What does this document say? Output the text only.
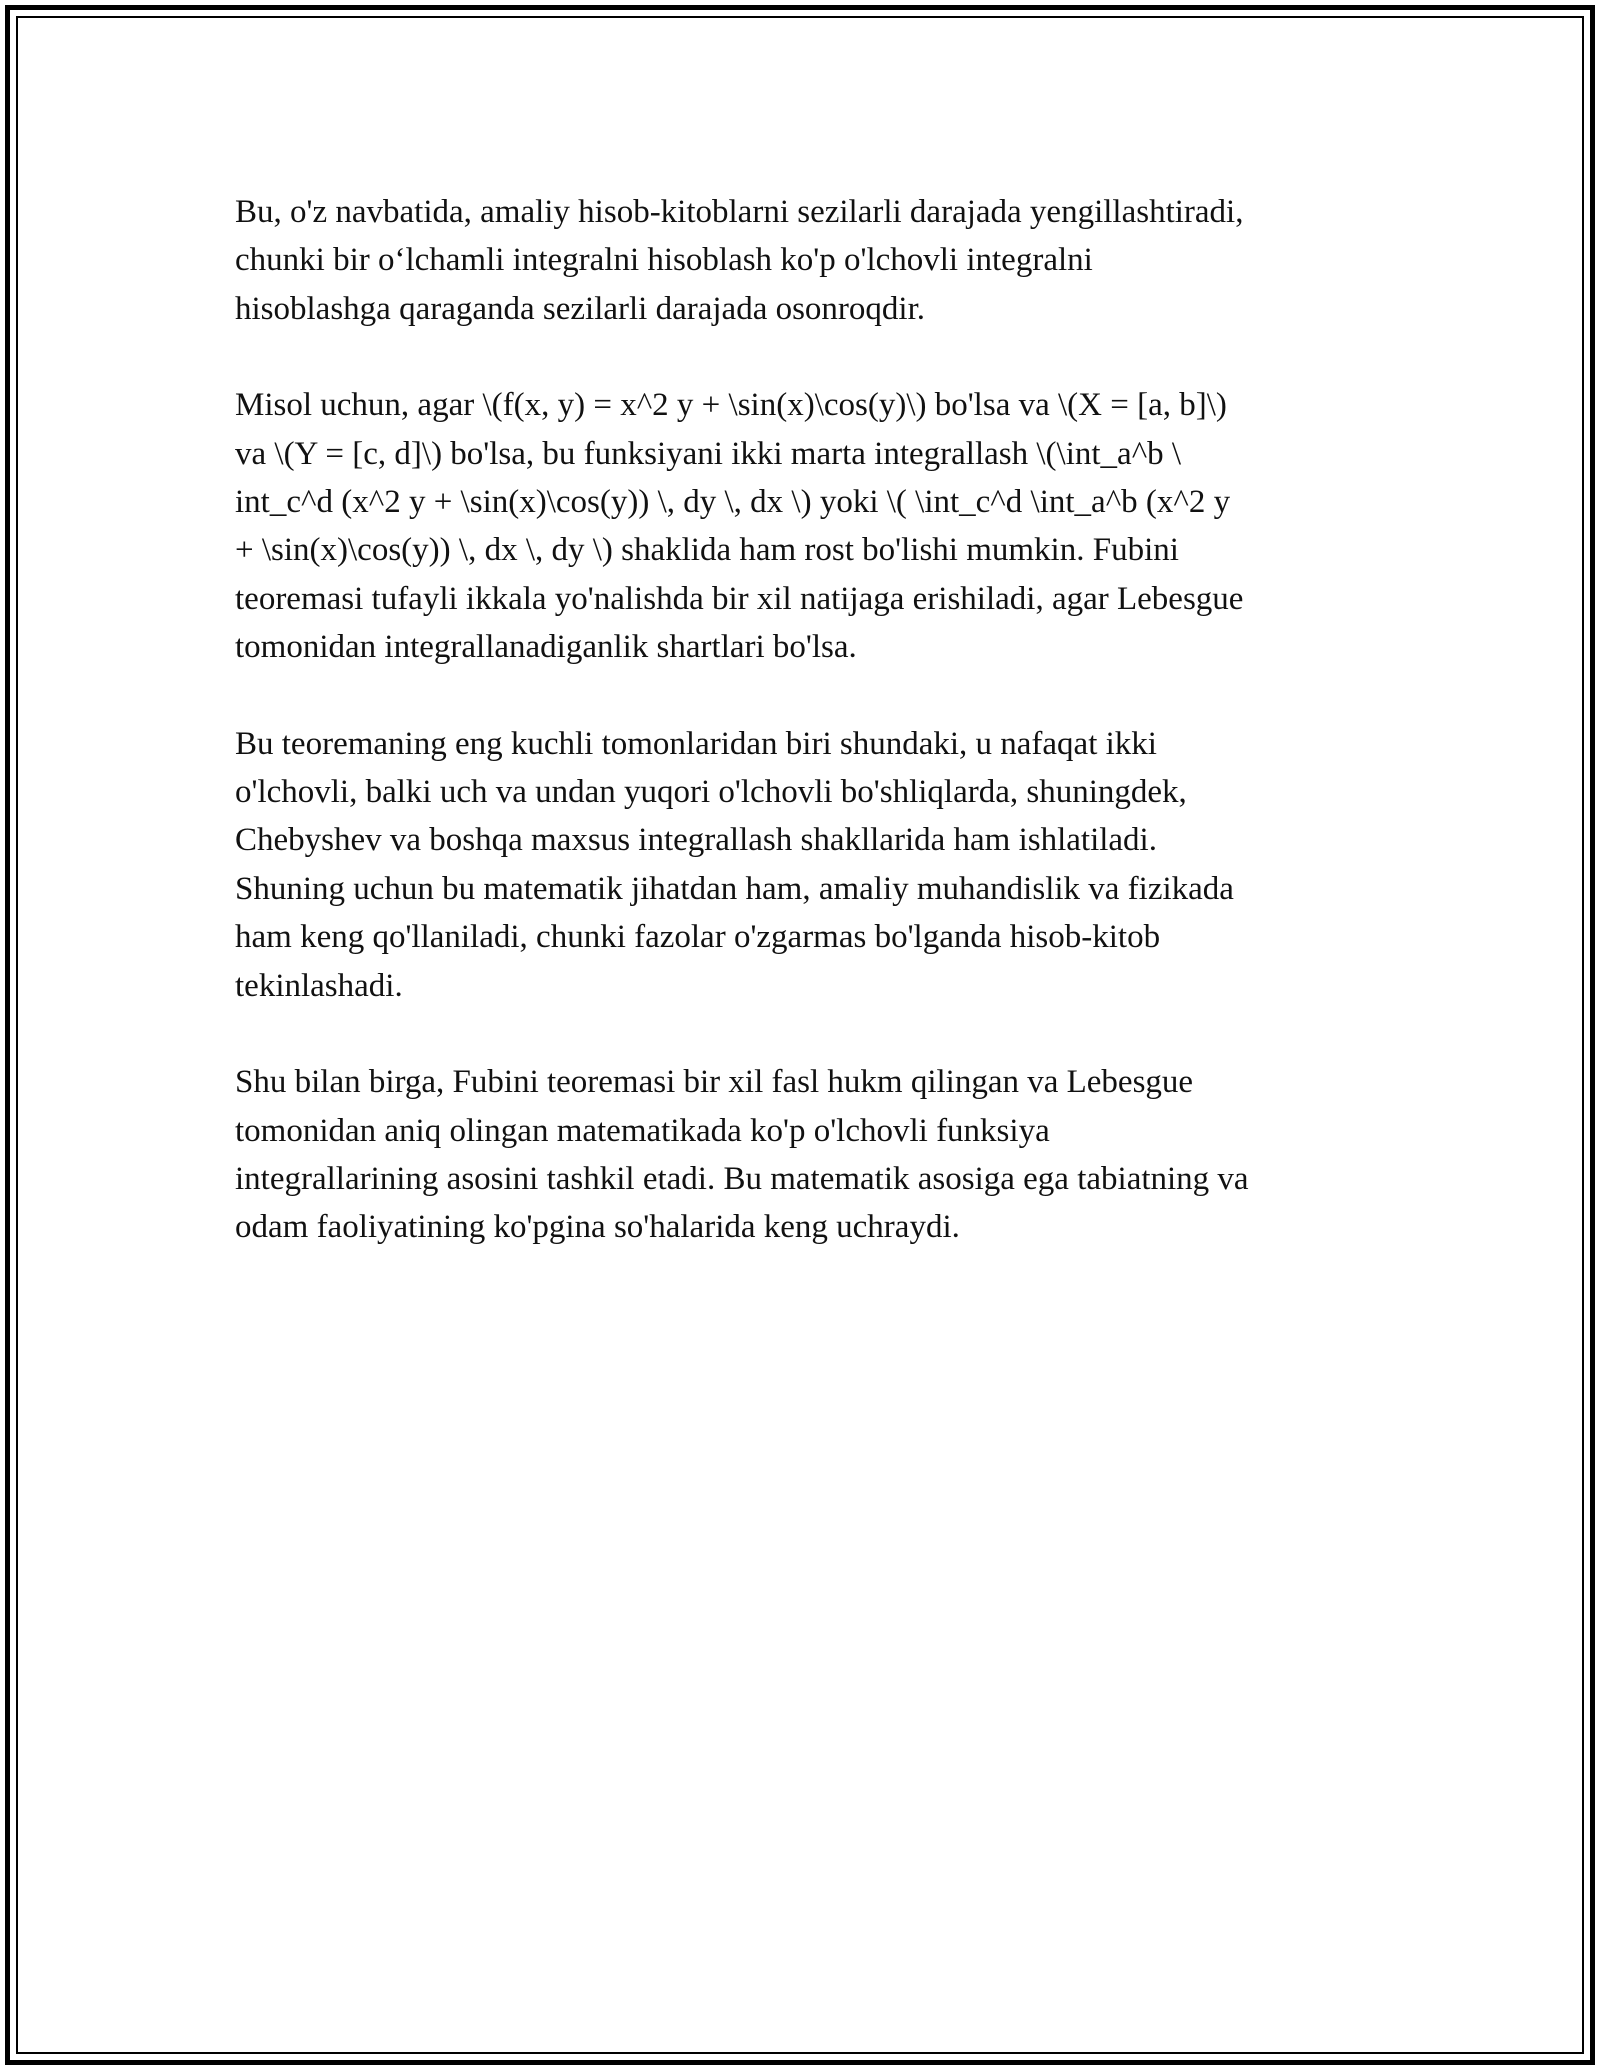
Bu, o'z navbatida, amaliy hisob-kitoblarni sezilarli darajada yengillashtiradi,
chunki bir o‘lchamli integralni hisoblash ko'p o'lchovli integralni
hisoblashga qaraganda sezilarli darajada osonroqdir.

Misol uchun, agar \(f(x, y) = x^2 y + \sin(x)\cos(y)\) bo'lsa va \(X = [a, b]\)
va \(Y = [c, d]\) bo'lsa, bu funksiyani ikki marta integrallash \(\int_a^b \
int_c^d (x^2 y + \sin(x)\cos(y)) \, dy \, dx \) yoki \( \int_c^d \int_a^b (x^2 y
+ \sin(x)\cos(y)) \, dx \, dy \) shaklida ham rost bo'lishi mumkin. Fubini
teoremasi tufayli ikkala yo'nalishda bir xil natijaga erishiladi, agar Lebesgue
tomonidan integrallanadiganlik shartlari bo'lsa.

Bu teoremaning eng kuchli tomonlaridan biri shundaki, u nafaqat ikki
o'lchovli, balki uch va undan yuqori o'lchovli bo'shliqlarda, shuningdek,
Chebyshev va boshqa maxsus integrallash shakllarida ham ishlatiladi.
Shuning uchun bu matematik jihatdan ham, amaliy muhandislik va fizikada
ham keng qo'llaniladi, chunki fazolar o'zgarmas bo'lganda hisob-kitob
tekinlashadi.

Shu bilan birga, Fubini teoremasi bir xil fasl hukm qilingan va Lebesgue
tomonidan aniq olingan matematikada ko'p o'lchovli funksiya
integrallarining asosini tashkil etadi. Bu matematik asosiga ega tabiatning va
odam faoliyatining ko'pgina so'halarida keng uchraydi.
